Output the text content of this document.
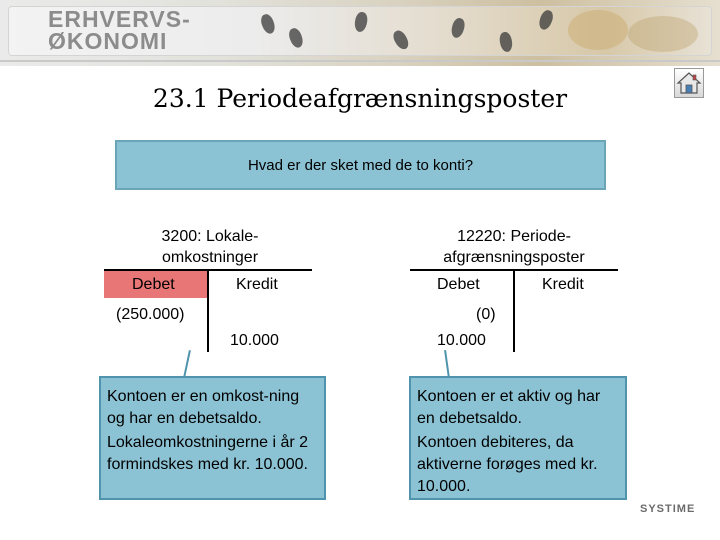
ERHVERVS-
ØKONOMI
23.1 Periodeafgrænsningsposter
Hvad er der sket med de to konti?
3200: Lokale-
omkostninger
Debet	Kredit
(250.000)
10.000
12220: Periode-
afgrænsningsposter
Debet	Kredit
(0)
10.000

Kontoen er en omkost-ning og har en debetsaldo.

Lokaleomkostningerne i år 2 formindskes med kr. 10.000.

Kontoen er et aktiv og har en debetsaldo.

Kontoen debiteres, da aktiverne forøges med kr. 10.000.

SYSTIME
